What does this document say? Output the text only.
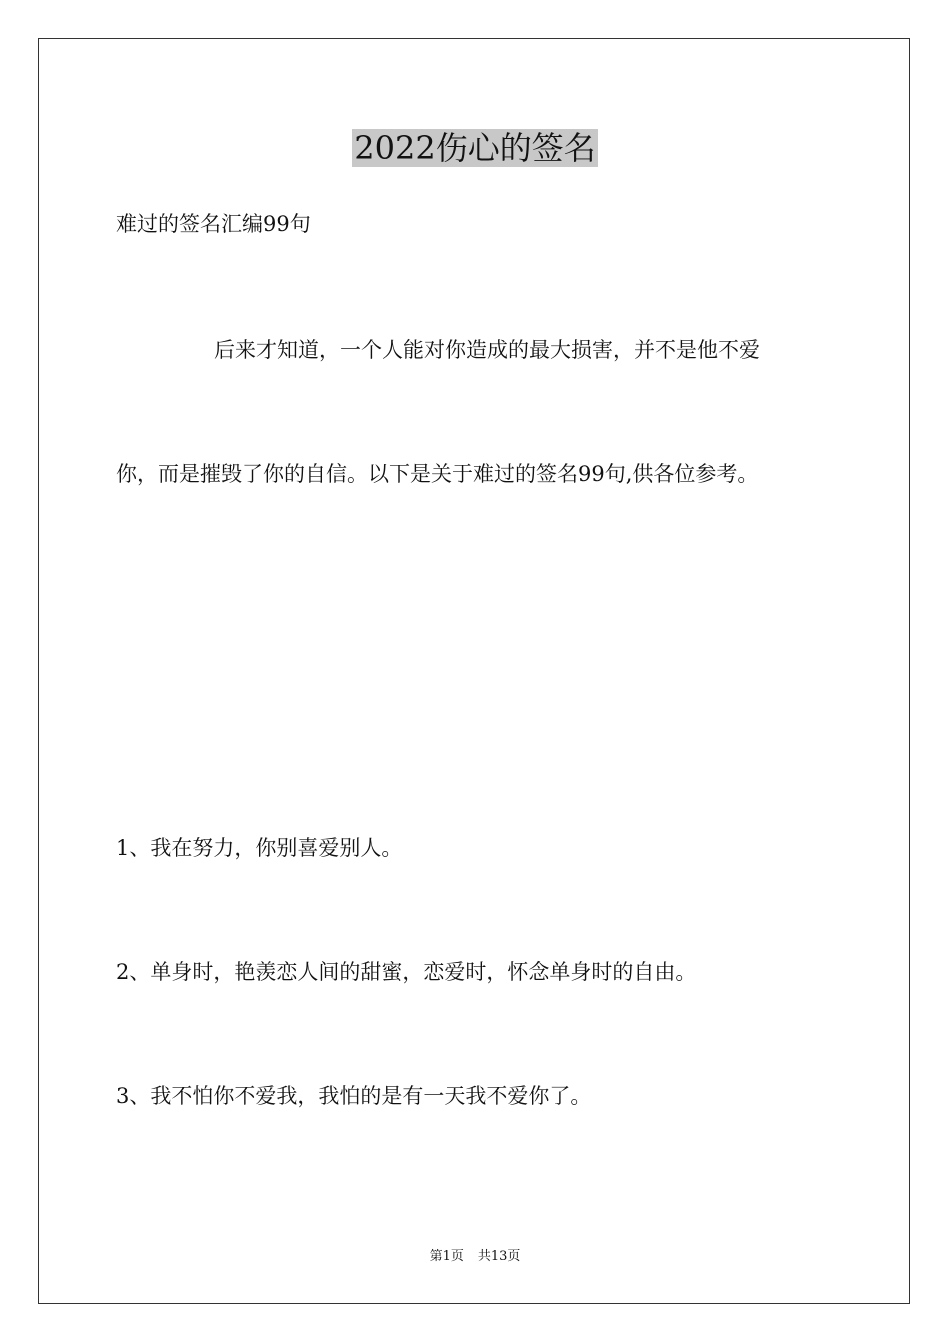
2022伤心的签名

难过的签名汇编99句

后来才知道，一个人能对你造成的最大损害，并不是他不爱

你，而是摧毁了你的自信。以下是关于难过的签名99句,供各位参考。

1、我在努力，你别喜爱别人。

2、单身时，艳羡恋人间的甜蜜，恋爱时，怀念单身时的自由。

3、我不怕你不爱我，我怕的是有一天我不爱你了。

第1页 共13页
